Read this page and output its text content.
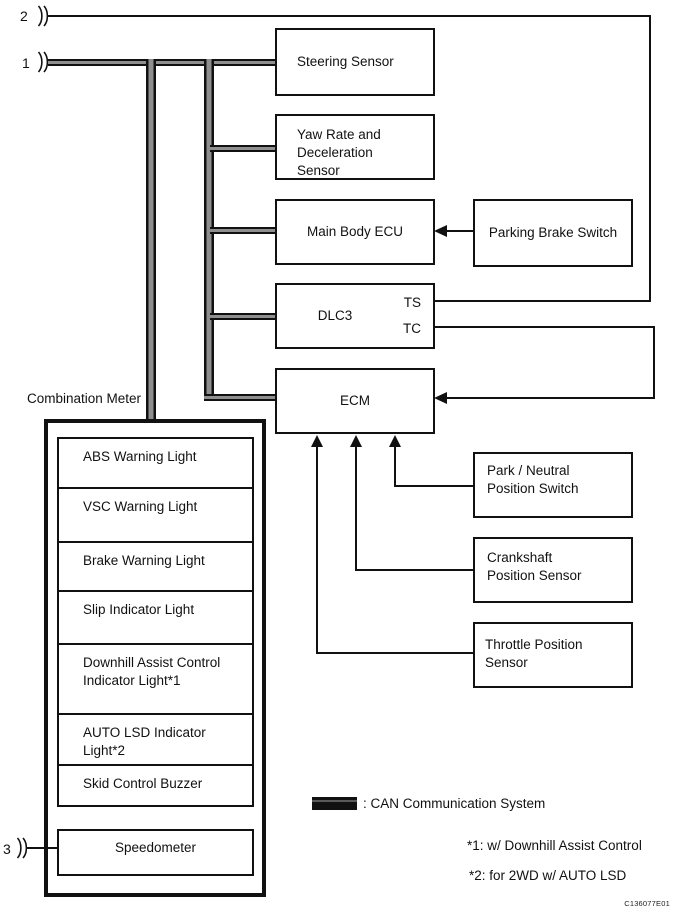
2
1	Steering Sensor
Yaw Rate and Deceleration Sensor
Main Body ECU
DLC3
TS
TC
ECM
Parking Brake Switch
Park / Neutral Position Switch
Crankshaft Position Sensor
Throttle Position Sensor
Combination Meter
ABS Warning Light
VSC Warning Light
Brake Warning Light
Slip Indicator Light
Downhill Assist Control Indicator Light*1
AUTO LSD Indicator Light*2
Skid Control Buzzer
Speedometer
3
: CAN Communication System
*1: w/ Downhill Assist Control
*2: for 2WD w/ AUTO LSD
C136077E01
